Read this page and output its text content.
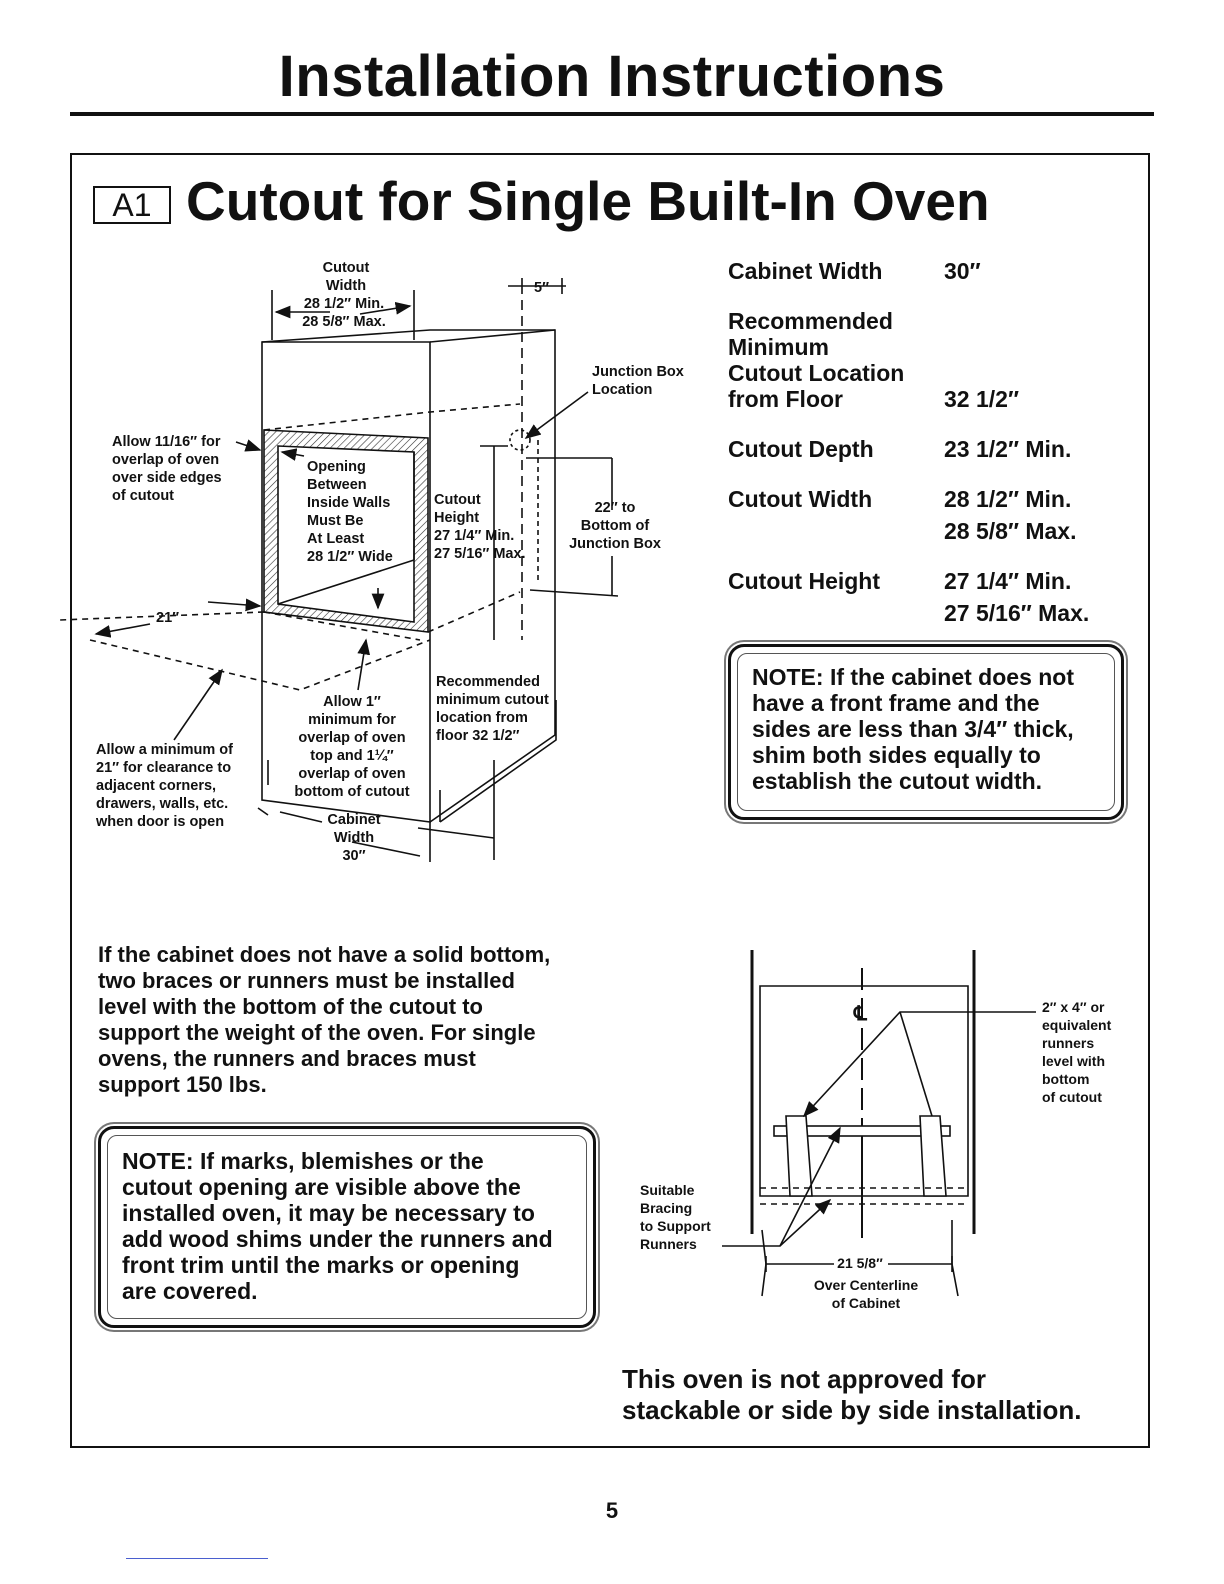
Installation Instructions
A1 Cutout for Single Built-In Oven
Cabinet Width	30″
Recommended
Minimum
Cutout Location
from Floor	32 1/2″
Cutout Depth	23 1/2″ Min.
Cutout Width	28 1/2″ Min.
28 5/8″ Max.
Cutout Height	27 1/4″ Min.
27 5/16″ Max.
NOTE: If the cabinet does not
have a front frame and the
sides are less than 3/4″ thick,
shim both sides equally to
establish the cutout width.
If the cabinet does not have a solid bottom,
two braces or runners must be installed
level with the bottom of the cutout to
support the weight of the oven. For single
ovens, the runners and braces must
support 150 lbs.
NOTE: If marks, blemishes or the
cutout opening are visible above the
installed oven, it may be necessary to
add wood shims under the runners and
front trim until the marks or opening
are covered.
This oven is not approved for
stackable or side by side installation.
5
Cutout
Width
28 1/2″ Min.
28 5/8″ Max.
5″
Junction Box
Location
Allow 11/16″ for
overlap of oven
over side edges
of cutout
Opening
Between
Inside Walls
Must Be
At Least
28 1/2″ Wide
Cutout
Height
27 1/4″ Min.
27 5/16″ Max.
22″ to
Bottom of
Junction Box
21″
Recommended
minimum cutout
location from
floor 32 1/2″
Allow 1″
minimum for
overlap of oven
top and 1¼″
overlap of oven
bottom of cutout
Allow a minimum of
21″ for clearance to
adjacent corners,
drawers, walls, etc.
when door is open	Cabinet
Width
30″
℄	2″ x 4″ or
equivalent
runners
level with
bottom
of cutout
Suitable
Bracing
to Support
Runners
21 5/8″
Over Centerline
of Cabinet
